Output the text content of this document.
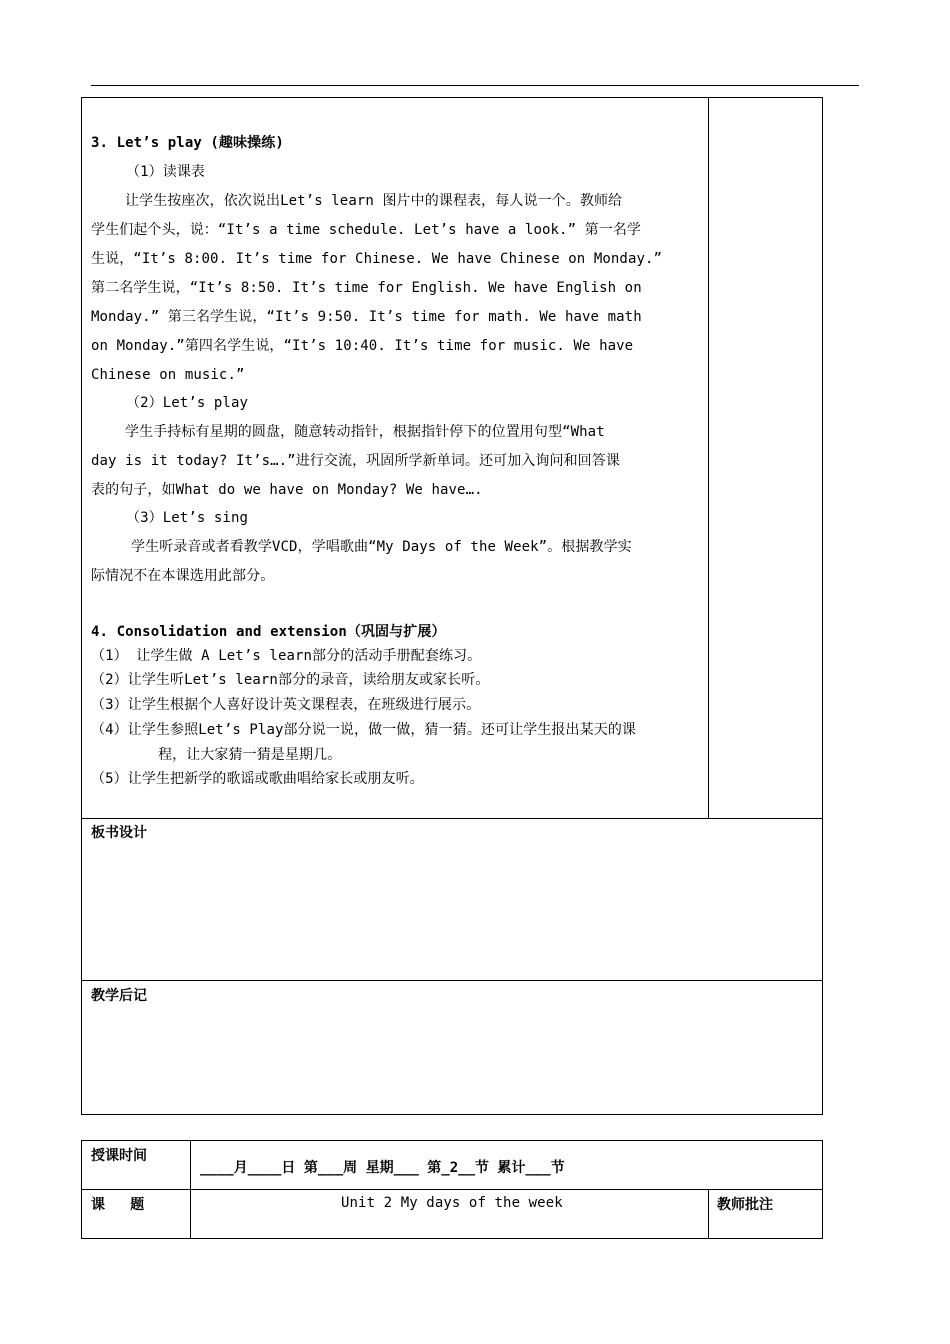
3. Let’s play (趣味操练)
（1）读课表
让学生按座次，依次说出Let’s learn 图片中的课程表，每人说一个。教师给
学生们起个头，说：“It’s a time schedule. Let’s have a look.” 第一名学
生说，“It’s 8:00. It’s time for Chinese. We have Chinese on Monday.”
第二名学生说，“It’s 8:50. It’s time for English. We have English on
Monday.” 第三名学生说，“It’s 9:50. It’s time for math. We have math
on Monday.”第四名学生说，“It’s 10:40. It’s time for music. We have
Chinese on music.”
（2）Let’s play
学生手持标有星期的圆盘，随意转动指针，根据指针停下的位置用句型“What
day is it today? It’s….”进行交流，巩固所学新单词。还可加入询问和回答课
表的句子，如What do we have on Monday? We have….
（3）Let’s sing
学生听录音或者看教学VCD，学唱歌曲“My Days of the Week”。根据教学实
际情况不在本课选用此部分。
4. Consolidation and extension（巩固与扩展）
（1） 让学生做 A Let’s learn部分的活动手册配套练习。
（2）让学生听Let’s learn部分的录音，读给朋友或家长听。
（3）让学生根据个人喜好设计英文课程表，在班级进行展示。
（4）让学生参照Let’s Play部分说一说，做一做，猜一猜。还可让学生报出某天的课
程，让大家猜一猜是星期几。
（5）让学生把新学的歌谣或歌曲唱给家长或朋友听。
板书设计
教学后记
授课时间
____月____日 第___周 星期___ 第_2__节 累计___节
课   题	Unit 2 My days of the week	教师批注
